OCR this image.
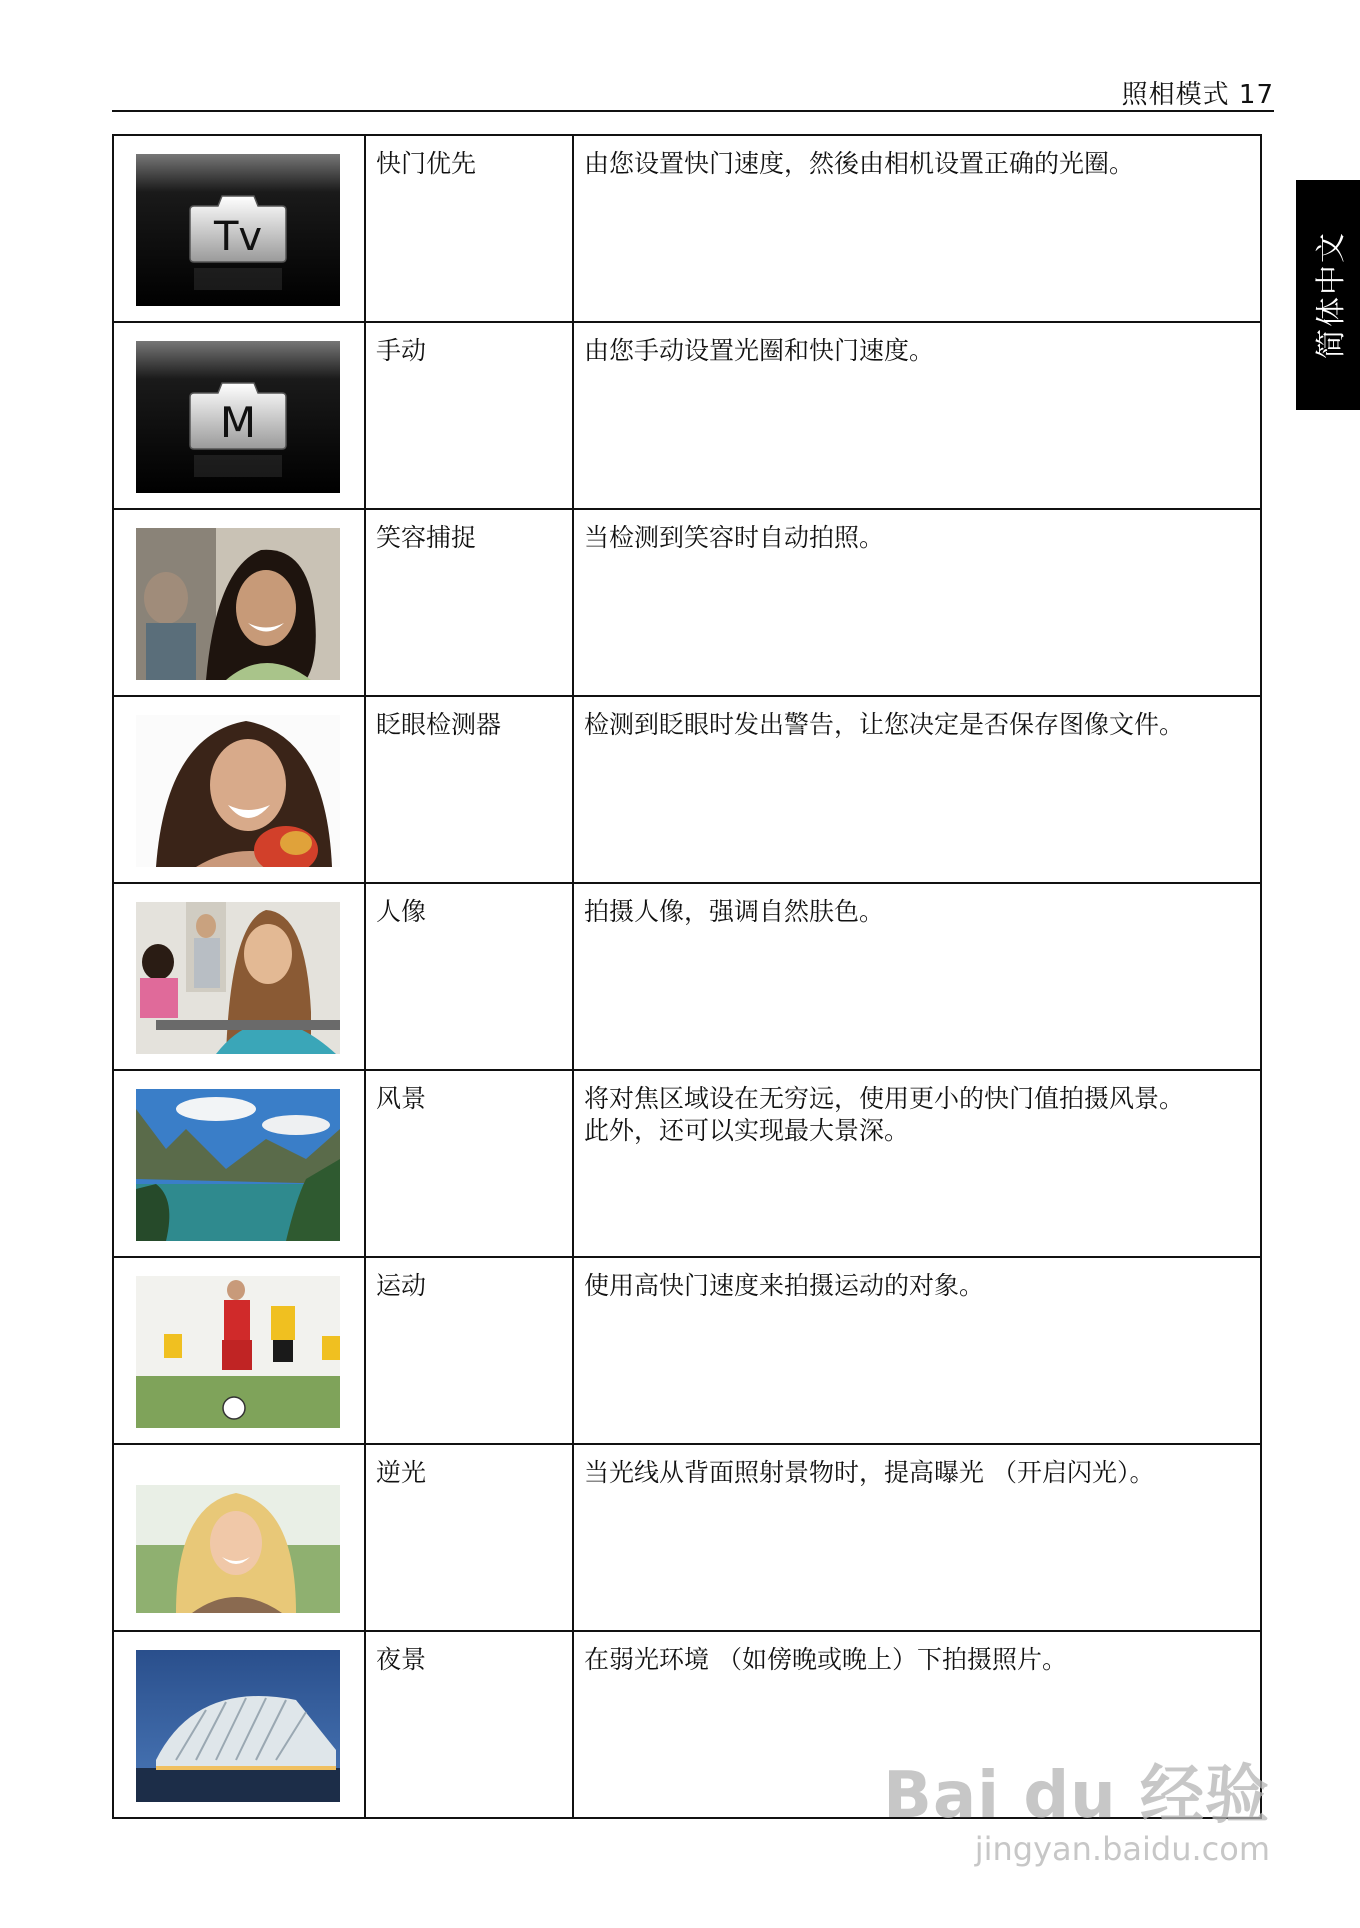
照相模式 17
简体中文
Tv	快门优先	由您设置快门速度，然後由相机设置正确的光圈。

M	手动	由您手动设置光圈和快门速度。

笑容捕捉	当检测到笑容时自动拍照。

眨眼检测器	检测到眨眼时发出警告，让您决定是否保存图像文件。

人像	拍摄人像，强调自然肤色。

风景	将对焦区域设在无穷远，使用更小的快门值拍摄风景。
此外，还可以实现最大景深。

运动	使用高快门速度来拍摄运动的对象。

逆光	当光线从背面照射景物时，提高曝光 （开启闪光）。

夜景	在弱光环境 （如傍晚或晚上）下拍摄照片。
Bai du 经验
jingyan.baidu.com
